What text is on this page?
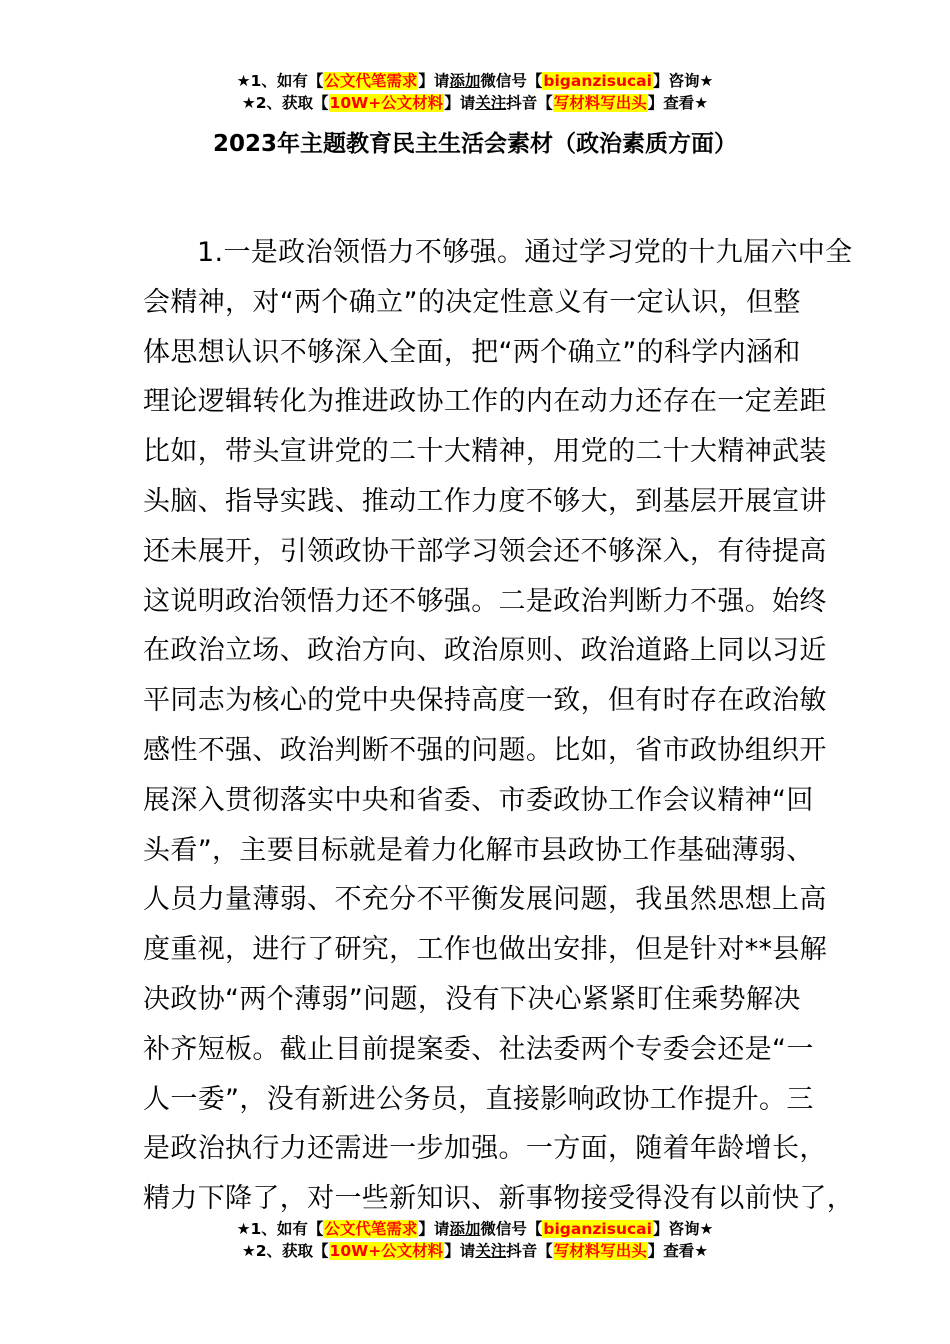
★1、如有【公文代笔需求】请添加微信号【biganzisucai】咨询★
★2、获取【10W+公文材料】请关注抖音【写材料写出头】查看★
2023年主题教育民主生活会素材（政治素质方面）
1.一是政治领悟力不够强。通过学习党的十九届六中全
会精神，对“两个确立”的决定性意义有一定认识，但整
体思想认识不够深入全面，把“两个确立”的科学内涵和
理论逻辑转化为推进政协工作的内在动力还存在一定差距
比如，带头宣讲党的二十大精神，用党的二十大精神武装
头脑、指导实践、推动工作力度不够大，到基层开展宣讲
还未展开，引领政协干部学习领会还不够深入，有待提高
这说明政治领悟力还不够强。二是政治判断力不强。始终
在政治立场、政治方向、政治原则、政治道路上同以习近
平同志为核心的党中央保持高度一致，但有时存在政治敏
感性不强、政治判断不强的问题。比如，省市政协组织开
展深入贯彻落实中央和省委、市委政协工作会议精神“回
头看”，主要目标就是着力化解市县政协工作基础薄弱、
人员力量薄弱、不充分不平衡发展问题，我虽然思想上高
度重视，进行了研究，工作也做出安排，但是针对**县解
决政协“两个薄弱”问题，没有下决心紧紧盯住乘势解决
补齐短板。截止目前提案委、社法委两个专委会还是“一
人一委”，没有新进公务员，直接影响政协工作提升。三
是政治执行力还需进一步加强。一方面，随着年龄增长，
精力下降了，对一些新知识、新事物接受得没有以前快了，
★1、如有【公文代笔需求】请添加微信号【biganzisucai】咨询★
★2、获取【10W+公文材料】请关注抖音【写材料写出头】查看★
